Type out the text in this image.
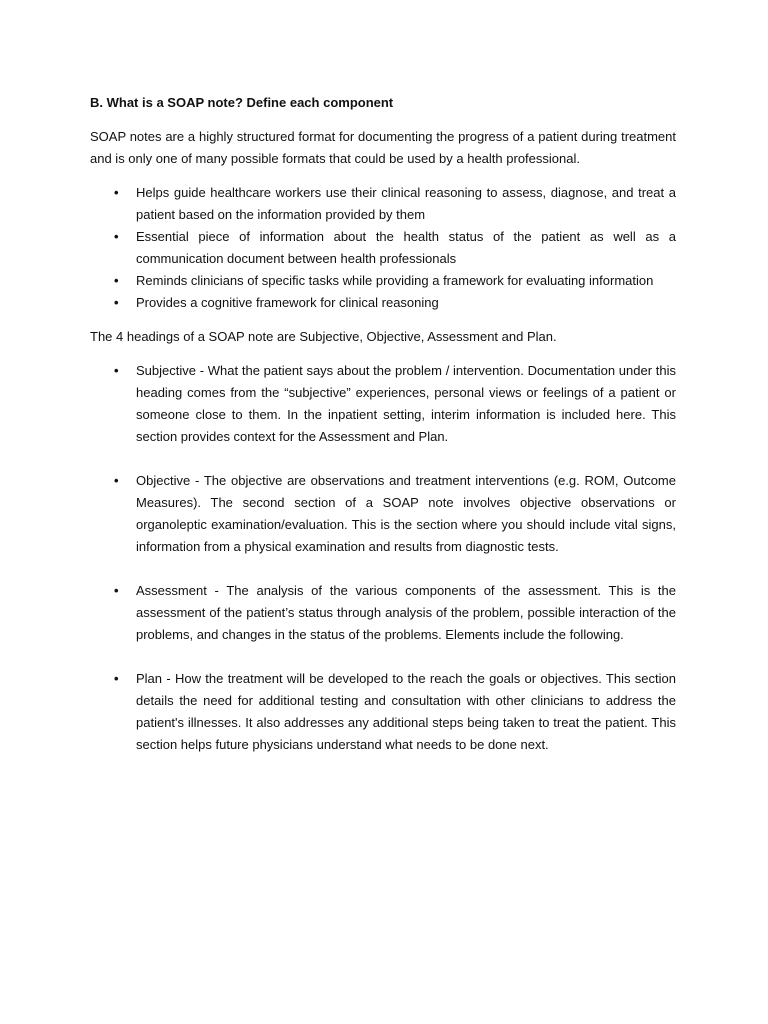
B. What is a SOAP note? Define each component
SOAP notes are a highly structured format for documenting the progress of a patient during treatment and is only one of many possible formats that could be used by a health professional.
• Helps guide healthcare workers use their clinical reasoning to assess, diagnose, and treat a patient based on the information provided by them
• Essential piece of information about the health status of the patient as well as a communication document between health professionals
• Reminds clinicians of specific tasks while providing a framework for evaluating information
• Provides a cognitive framework for clinical reasoning
The 4 headings of a SOAP note are Subjective, Objective, Assessment and Plan.
• Subjective - What the patient says about the problem / intervention. Documentation under this heading comes from the “subjective” experiences, personal views or feelings of a patient or someone close to them. In the inpatient setting, interim information is included here. This section provides context for the Assessment and Plan.
• Objective - The objective are observations and treatment interventions (e.g. ROM, Outcome Measures). The second section of a SOAP note involves objective observations or organoleptic examination/evaluation. This is the section where you should include vital signs, information from a physical examination and results from diagnostic tests.
• Assessment - The analysis of the various components of the assessment. This is the assessment of the patient’s status through analysis of the problem, possible interaction of the problems, and changes in the status of the problems. Elements include the following.
• Plan - How the treatment will be developed to the reach the goals or objectives. This section details the need for additional testing and consultation with other clinicians to address the patient's illnesses. It also addresses any additional steps being taken to treat the patient. This section helps future physicians understand what needs to be done next.
